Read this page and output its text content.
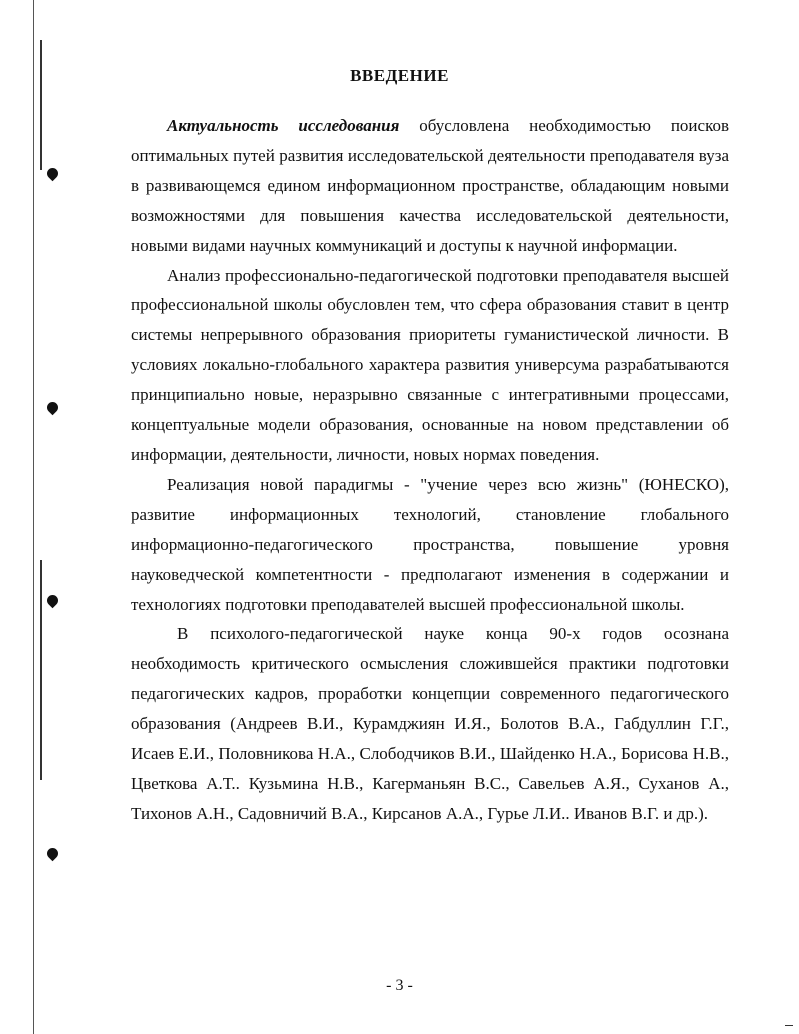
ВВЕДЕНИЕ

Актуальность исследования обусловлена необходимостью поисков оптимальных путей развития исследовательской деятельности преподавателя вуза в развивающемся едином информационном пространстве, обладающим новыми возможностями для повышения качества исследовательской деятельности, новыми видами научных коммуникаций и доступы к научной информации.

Анализ профессионально-педагогической подготовки преподавателя высшей профессиональной школы обусловлен тем, что сфера образования ставит в центр системы непрерывного образования приоритеты гуманистической личности. В условиях локально-глобального характера развития универсума разрабатываются принципиально новые, неразрывно связанные с интегративными процессами, концептуальные модели образования, основанные на новом представлении об информации, деятельности, личности, новых нормах поведения.

Реализация новой парадигмы - "учение через всю жизнь" (ЮНЕСКО), развитие информационных технологий, становление глобального информационно-педагогического пространства, повышение уровня науковедческой компетентности - предполагают изменения в содержании и технологиях подготовки преподавателей высшей профессиональной школы.

В психолого-педагогической науке конца 90-х годов осознана необходимость критического осмысления сложившейся практики подготовки педагогических кадров, проработки концепции современного педагогического образования (Андреев В.И., Курамджиян И.Я., Болотов В.А., Габдуллин Г.Г., Исаев Е.И., Половникова Н.А., Слободчиков В.И., Шайденко Н.А., Борисова Н.В., Цветкова А.Т.. Кузьмина Н.В., Кагерманьян В.С., Савельев А.Я., Суханов А., Тихонов А.Н., Садовничий В.А., Кирсанов А.А., Гурье Л.И.. Иванов В.Г. и др.).

- 3 -
